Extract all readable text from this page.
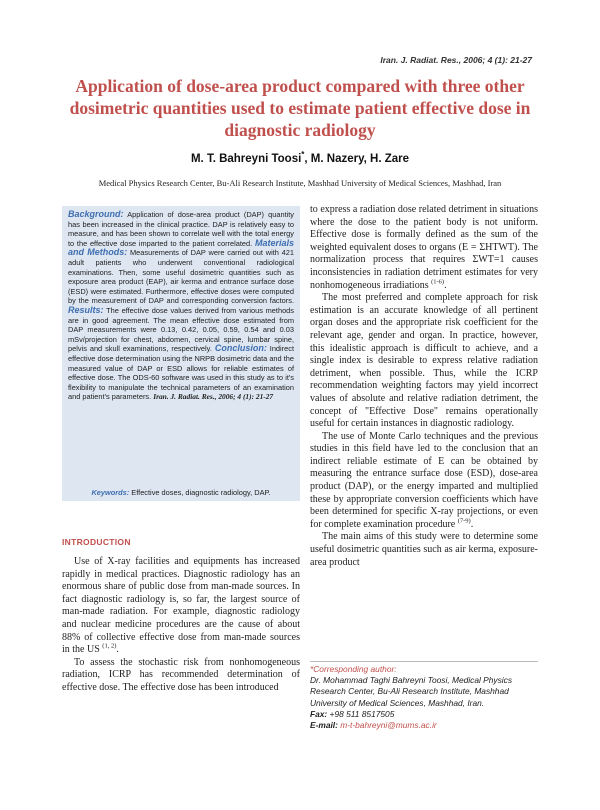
Iran. J. Radiat. Res., 2006; 4 (1): 21-27
Application of dose-area product compared with three other dosimetric quantities used to estimate patient effective dose in diagnostic radiology
M. T. Bahreyni Toosi*, M. Nazery, H. Zare
Medical Physics Research Center, Bu-Ali Research Institute, Mashhad University of Medical Sciences, Mashhad, Iran
Background: Application of dose-area product (DAP) quantity has been increased in the clinical practice. DAP is relatively easy to measure, and has been shown to correlate well with the total energy to the effective dose imparted to the patient correlated. Materials and Methods: Measurements of DAP were carried out with 421 adult patients who underwent conventional radiological examinations. Then, some useful dosimetric quantities such as exposure area product (EAP), air kerma and entrance surface dose (ESD) were estimated. Furthermore, effective doses were computed by the measurement of DAP and corresponding conversion factors. Results: The effective dose values derived from various methods are in good agreement. The mean effective dose estimated from DAP measurements were 0.13, 0.42, 0.05, 0.59, 0.54 and 0.03 mSv/projection for chest, abdomen, cervical spine, lumbar spine, pelvis and skull examinations, respectively. Conclusion: Indirect effective dose determination using the NRPB dosimetric data and the measured value of DAP or ESD allows for reliable estimates of effective dose. The ODS-60 software was used in this study as to it's flexibility to manipulate the technical parameters of an examination and patient's parameters. Iran. J. Radiat. Res., 2006; 4 (1): 21-27
Keywords: Effective doses, diagnostic radiology, DAP.
INTRODUCTION

Use of X-ray facilities and equipments has increased rapidly in medical practices. Diagnostic radiology has an enormous share of public dose from man-made sources. In fact diagnostic radiology is, so far, the largest source of man-made radiation. For example, diagnostic radiology and nuclear medicine procedures are the cause of about 88% of collective effective dose from man-made sources in the US $^{(1, 2)}$.

To assess the stochastic risk from nonhomogeneous radiation, ICRP has recommended determination of effective dose. The effective dose has been introduced

to express a radiation dose related detriment in situations where the dose to the patient body is not uniform. Effective dose is formally defined as the sum of the weighted equivalent doses to organs (E = ΣHTWT). The normalization process that requires ΣWT=1 causes inconsistencies in radiation detriment estimates for very nonhomogeneous irradiations $^{(1-6)}$.

The most preferred and complete approach for risk estimation is an accurate knowledge of all pertinent organ doses and the appropriate risk coefficient for the relevant age, gender and organ. In practice, however, this idealistic approach is difficult to achieve, and a single index is desirable to express relative radiation detriment, when possible. Thus, while the ICRP recommendation weighting factors may yield incorrect values of absolute and relative radiation detriment, the concept of "Effective Dose" remains operationally useful for certain instances in diagnostic radiology.

The use of Monte Carlo techniques and the previous studies in this field have led to the conclusion that an indirect reliable estimate of E can be obtained by measuring the entrance surface dose (ESD), dose-area product (DAP), or the energy imparted and multiplied these by appropriate conversion coefficients which have been determined for specific X-ray projections, or even for complete examination procedure $^{(7-9)}$.

The main aims of this study were to determine some useful dosimetric quantities such as air kerma, exposure-area product

*Corresponding author:
Dr. Mohammad Taghi Bahreyni Toosi, Medical Physics Research Center, Bu-Ali Research Institute, Mashhad University of Medical Sciences, Mashhad, Iran.
Fax: +98 511 8517505
E-mail: m-t-bahreyni@mums.ac.ir
